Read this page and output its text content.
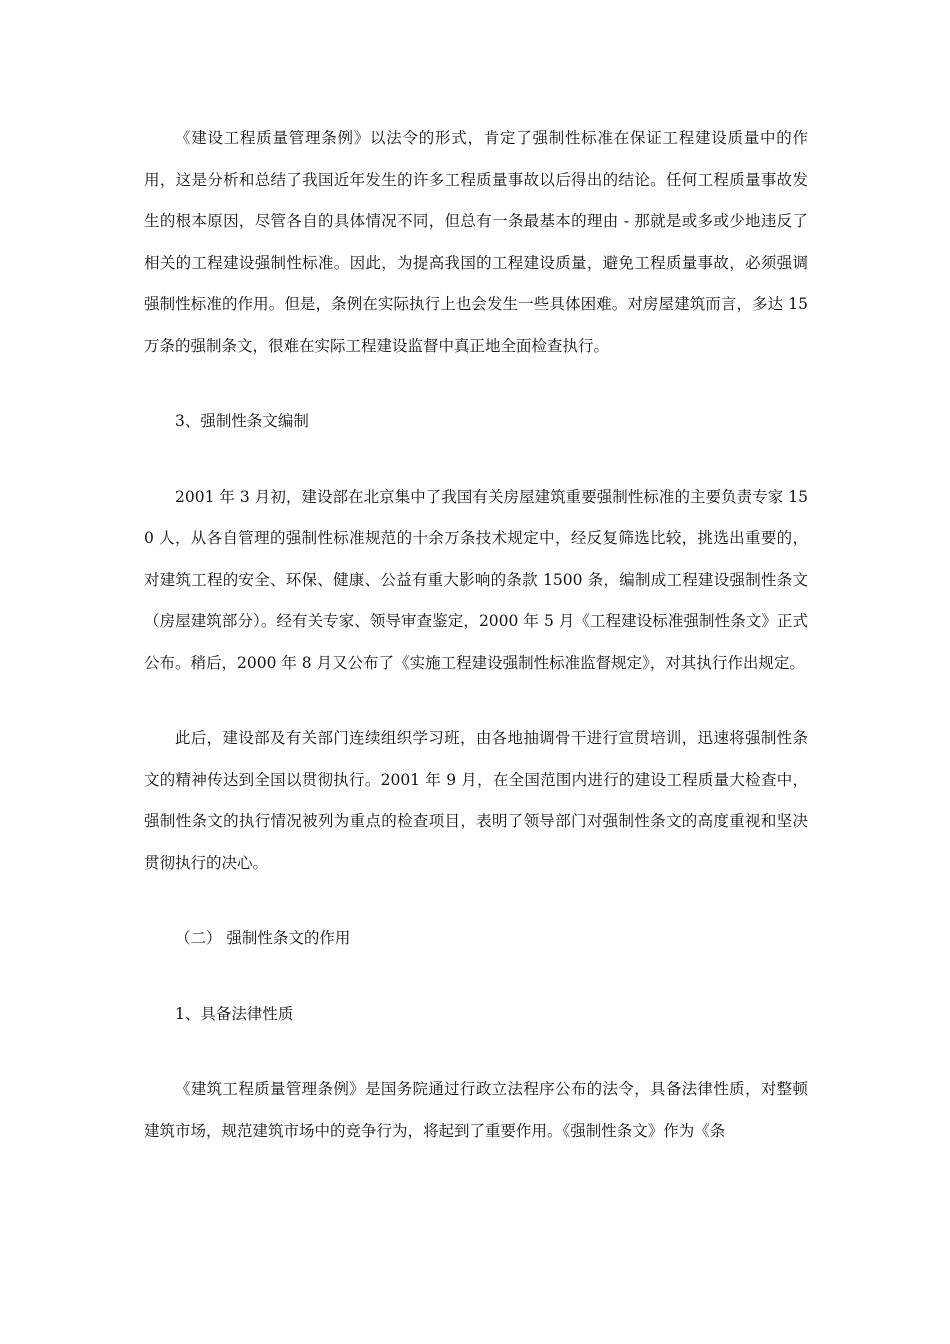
《建设工程质量管理条例》以法令的形式，肯定了强制性标准在保证工程建设质量中的作用，这是分析和总结了我国近年发生的许多工程质量事故以后得出的结论。任何工程质量事故发生的根本原因，尽管各自的具体情况不同，但总有一条最基本的理由 - 那就是或多或少地违反了相关的工程建设强制性标准。因此，为提高我国的工程建设质量，避免工程质量事故，必须强调强制性标准的作用。但是，条例在实际执行上也会发生一些具体困难。对房屋建筑而言，多达 15 万条的强制条文，很难在实际工程建设监督中真正地全面检查执行。

3、强制性条文编制

2001 年 3 月初，建设部在北京集中了我国有关房屋建筑重要强制性标准的主要负责专家 150 人，从各自管理的强制性标准规范的十余万条技术规定中，经反复筛选比较，挑选出重要的，对建筑工程的安全、环保、健康、公益有重大影响的条款 1500 条，编制成工程建设强制性条文（房屋建筑部分）。经有关专家、领导审查鉴定，2000 年 5 月《工程建设标准强制性条文》正式公布。稍后，2000 年 8 月又公布了《实施工程建设强制性标准监督规定》，对其执行作出规定。

此后，建设部及有关部门连续组织学习班，由各地抽调骨干进行宣贯培训，迅速将强制性条文的精神传达到全国以贯彻执行。2001 年 9 月，在全国范围内进行的建设工程质量大检查中，强制性条文的执行情况被列为重点的检查项目，表明了领导部门对强制性条文的高度重视和坚决贯彻执行的决心。

（二） 强制性条文的作用

1、具备法律性质

《建筑工程质量管理条例》是国务院通过行政立法程序公布的法令，具备法律性质，对整顿建筑市场，规范建筑市场中的竞争行为，将起到了重要作用。《强制性条文》作为《条
